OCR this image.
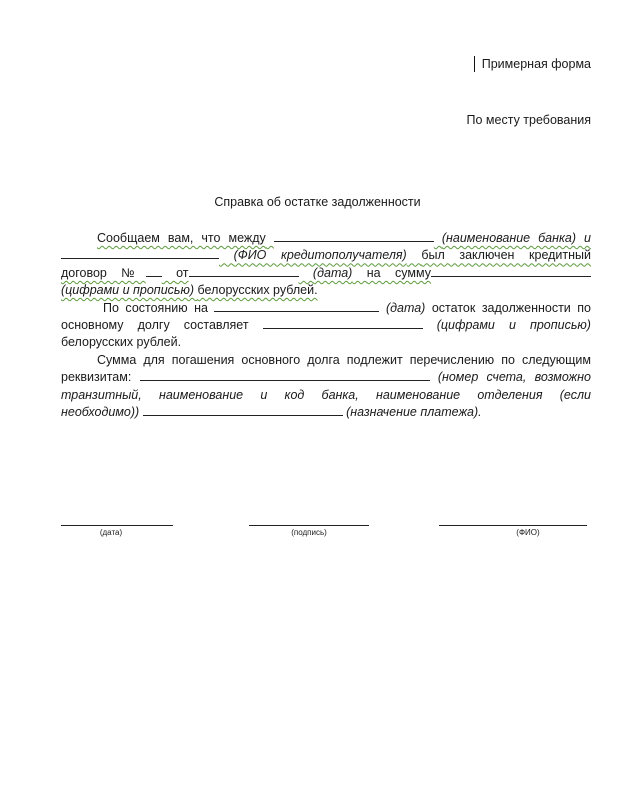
Примерная форма
По месту требования
Справка об остатке задолженности

Сообщаем вам, что между	(наименование банка) и

(ФИО кредитополучателя) был заключен кредитный

договор № от	(дата) на сумму

(цифрами и прописью) белорусских рублей.

По состоянию на	(дата) остаток задолженности по

основному долгу составляет	(цифрами и прописью)

белорусских рублей.

Сумма для погашения основного долга подлежит перечислению по следующим

реквизитам:	(номер счета, возможно

транзитный, наименование и код банка, наименование отделения (если

необходимо))	(назначение платежа).

(дата)	(подпись)	(ФИО)
